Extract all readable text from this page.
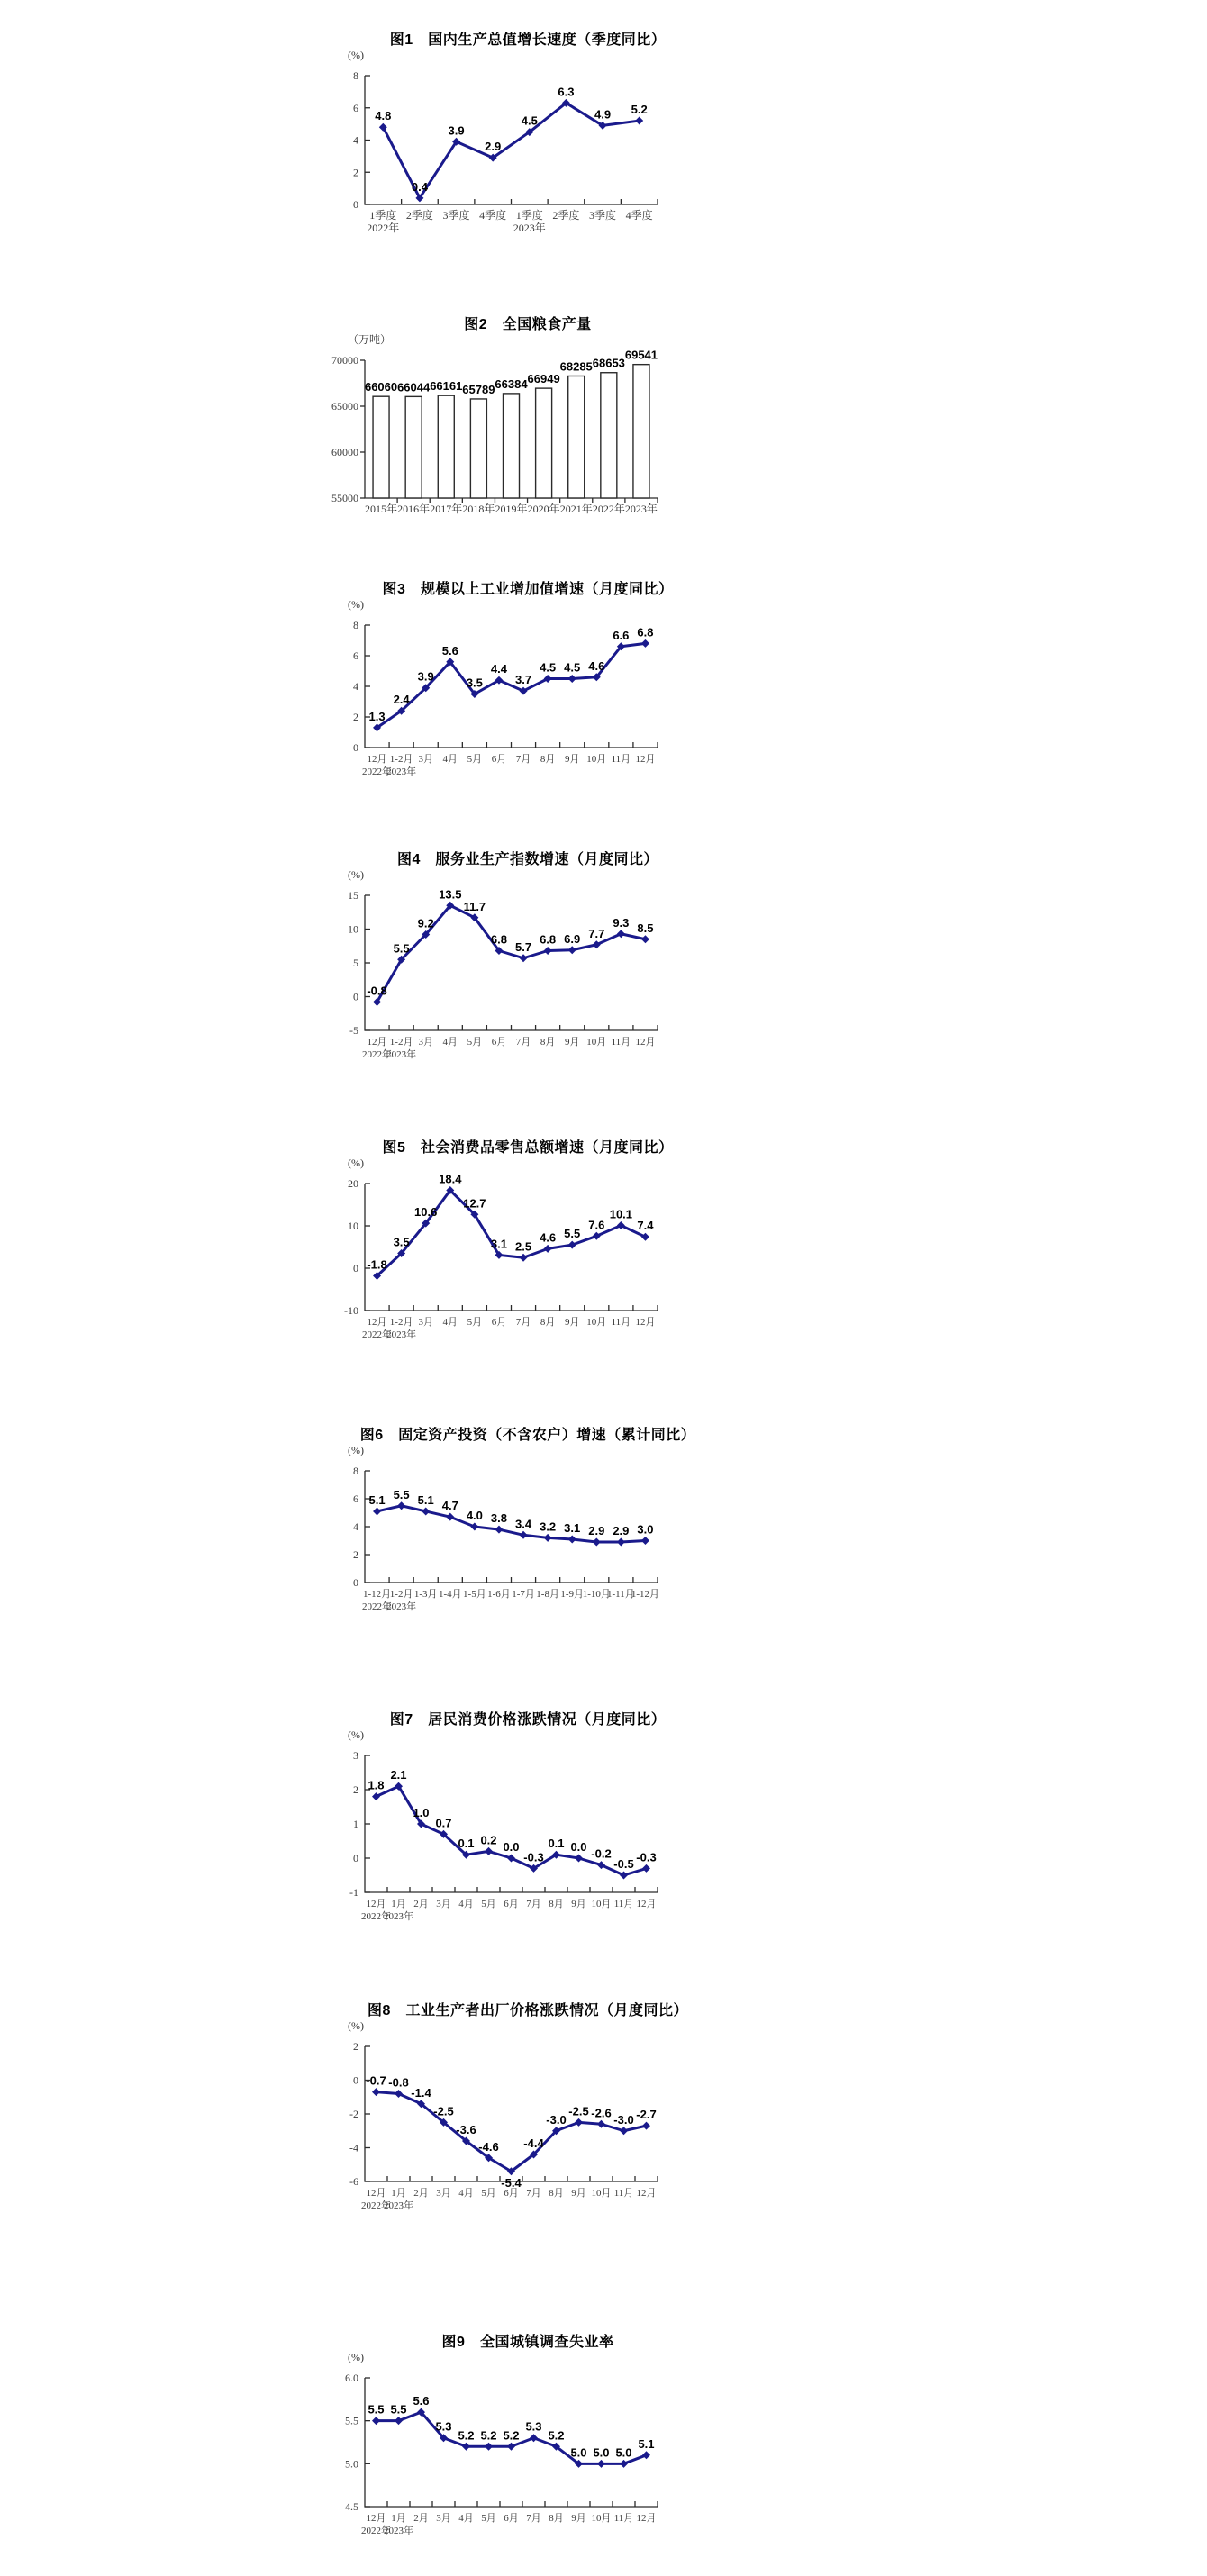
图1　国内生产总值增长速度（季度同比）
(%)
8
6
4
2
0
1季度
2022年
2季度 3季度 4季度 1季度
2023年
2季度 3季度 4季度
4.8
0.4
3.9
2.9
4.5
6.3
4.9 5.2
图2　全国粮食产量
（万吨）
70000
65000
60000
55000
2015年 2016年 2017年 2018年 2019年 2020年 2021年 2022年 2023年
66060 66044 66161 65789 66384 66949
68285 68653
69541
图3　规模以上工业增加值增速（月度同比）
(%)
8
6
4
2
0
12月
2022年
1-2月
2023年
3月 4月 5月 6月 7月 8月 9月 10月 11月 12月
1.3
2.4
3.9
5.6
3.5
4.4
3.7
4.5 4.5 4.6
6.6 6.8
图4　服务业生产指数增速（月度同比）
(%)
15
10
5
0
-5
12月
2022年
1-2月
2023年
3月 4月 5月 6月 7月 8月 9月 10月 11月 12月
-0.8
5.5
9.2
13.5
11.7
6.8
5.7
6.8 6.9 7.7
9.3 8.5
图5　社会消费品零售总额增速（月度同比）
(%)
20
10
0
-10
12月
2022年
1-2月
2023年
3月 4月 5月 6月 7月 8月 9月 10月 11月 12月
-1.8
3.5
10.6
18.4
12.7
3.1 2.5
4.6 5.5
7.6
10.1
7.4
图6　固定资产投资（不含农户）增速（累计同比）
(%)
8
6
4
2
0
1-12月
2022年
1-2月
2023年
1-3月 1-4月 1-5月 1-6月 1-7月 1-8月 1-9月
1-10月
1-11月
1-12月
5.1 5.5 5.1 4.7
4.0 3.8 3.4 3.2 3.1 2.9 2.9 3.0
图7　居民消费价格涨跌情况（月度同比）
(%)
3
2
1
0
-1
12月
2022年
1月
2023年
2月 3月 4月 5月 6月 7月 8月 9月 10月 11月 12月
1.8
2.1
1.0
0.7
0.1 0.2
0.0
-0.3
0.1 0.0
-0.2
-0.5
-0.3
图8　工业生产者出厂价格涨跌情况（月度同比）
(%)
2
0
-2
-4
-6
12月
2022年
1月
2023年
2月 3月 4月 5月 6月 7月 8月 9月 10月 11月 12月
-0.7 -0.8
-1.4
-2.5
-3.6
-4.6
-5.4
-4.4
-3.0
-2.5 -2.6 -3.0 -2.7
图9　全国城镇调查失业率
(%)
6.0
5.5
5.0
4.5
12月
2022年
1月
2023年
2月 3月 4月 5月 6月 7月 8月 9月 10月 11月 12月
5.5 5.5
5.6
5.3
5.2 5.2 5.2
5.3
5.2
5.0 5.0 5.0
5.1
